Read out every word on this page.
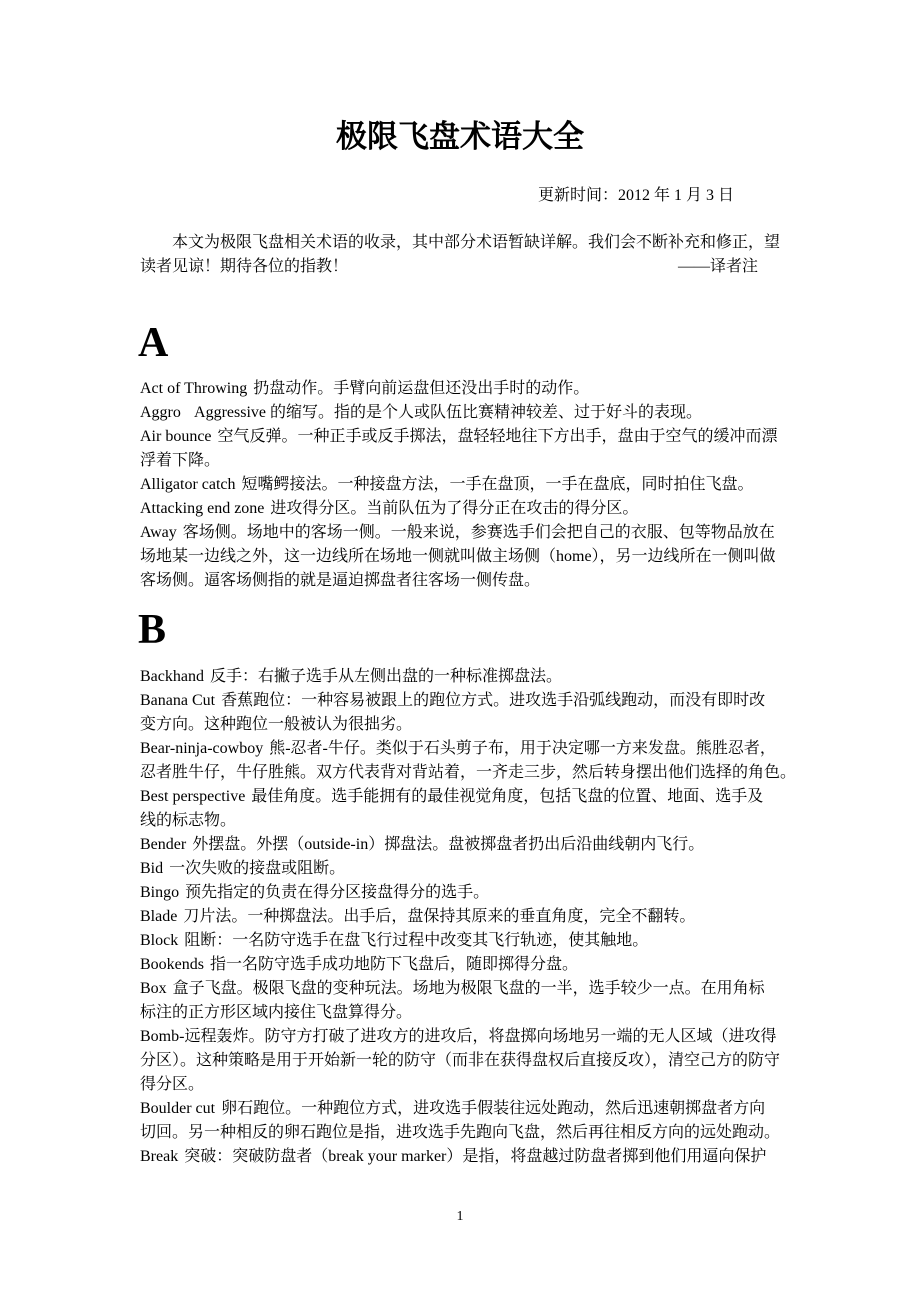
极限飞盘术语大全
更新时间：2012 年 1 月 3 日
本文为极限飞盘相关术语的收录，其中部分术语暂缺详解。我们会不断补充和修正，望
读者见谅！期待各位的指教！	——译者注
A
Act of Throwing 扔盘动作。手臂向前运盘但还没出手时的动作。
Aggro  Aggressive 的缩写。指的是个人或队伍比赛精神较差、过于好斗的表现。
Air bounce 空气反弹。一种正手或反手掷法，盘轻轻地往下方出手，盘由于空气的缓冲而漂
浮着下降。
Alligator catch 短嘴鳄接法。一种接盘方法，一手在盘顶，一手在盘底，同时拍住飞盘。
Attacking end zone 进攻得分区。当前队伍为了得分正在攻击的得分区。
Away 客场侧。场地中的客场一侧。一般来说，参赛选手们会把自己的衣服、包等物品放在
场地某一边线之外，这一边线所在场地一侧就叫做主场侧（home），另一边线所在一侧叫做
客场侧。逼客场侧指的就是逼迫掷盘者往客场一侧传盘。
B
Backhand 反手：右撇子选手从左侧出盘的一种标准掷盘法。
Banana Cut 香蕉跑位：一种容易被跟上的跑位方式。进攻选手沿弧线跑动，而没有即时改
变方向。这种跑位一般被认为很拙劣。
Bear-ninja-cowboy 熊-忍者-牛仔。类似于石头剪子布，用于决定哪一方来发盘。熊胜忍者，
忍者胜牛仔，牛仔胜熊。双方代表背对背站着，一齐走三步，然后转身摆出他们选择的角色。
Best perspective 最佳角度。选手能拥有的最佳视觉角度，包括飞盘的位置、地面、选手及
线的标志物。
Bender 外摆盘。外摆（outside-in）掷盘法。盘被掷盘者扔出后沿曲线朝内飞行。
Bid 一次失败的接盘或阻断。
Bingo 预先指定的负责在得分区接盘得分的选手。
Blade 刀片法。一种掷盘法。出手后，盘保持其原来的垂直角度，完全不翻转。
Block 阻断：一名防守选手在盘飞行过程中改变其飞行轨迹，使其触地。
Bookends 指一名防守选手成功地防下飞盘后，随即掷得分盘。
Box 盒子飞盘。极限飞盘的变种玩法。场地为极限飞盘的一半，选手较少一点。在用角标
标注的正方形区域内接住飞盘算得分。
Bomb-远程轰炸。防守方打破了进攻方的进攻后，将盘掷向场地另一端的无人区域（进攻得
分区）。这种策略是用于开始新一轮的防守（而非在获得盘权后直接反攻），清空己方的防守
得分区。
Boulder cut 卵石跑位。一种跑位方式，进攻选手假装往远处跑动，然后迅速朝掷盘者方向
切回。另一种相反的卵石跑位是指，进攻选手先跑向飞盘，然后再往相反方向的远处跑动。
Break 突破：突破防盘者（break your marker）是指，将盘越过防盘者掷到他们用逼向保护
1
